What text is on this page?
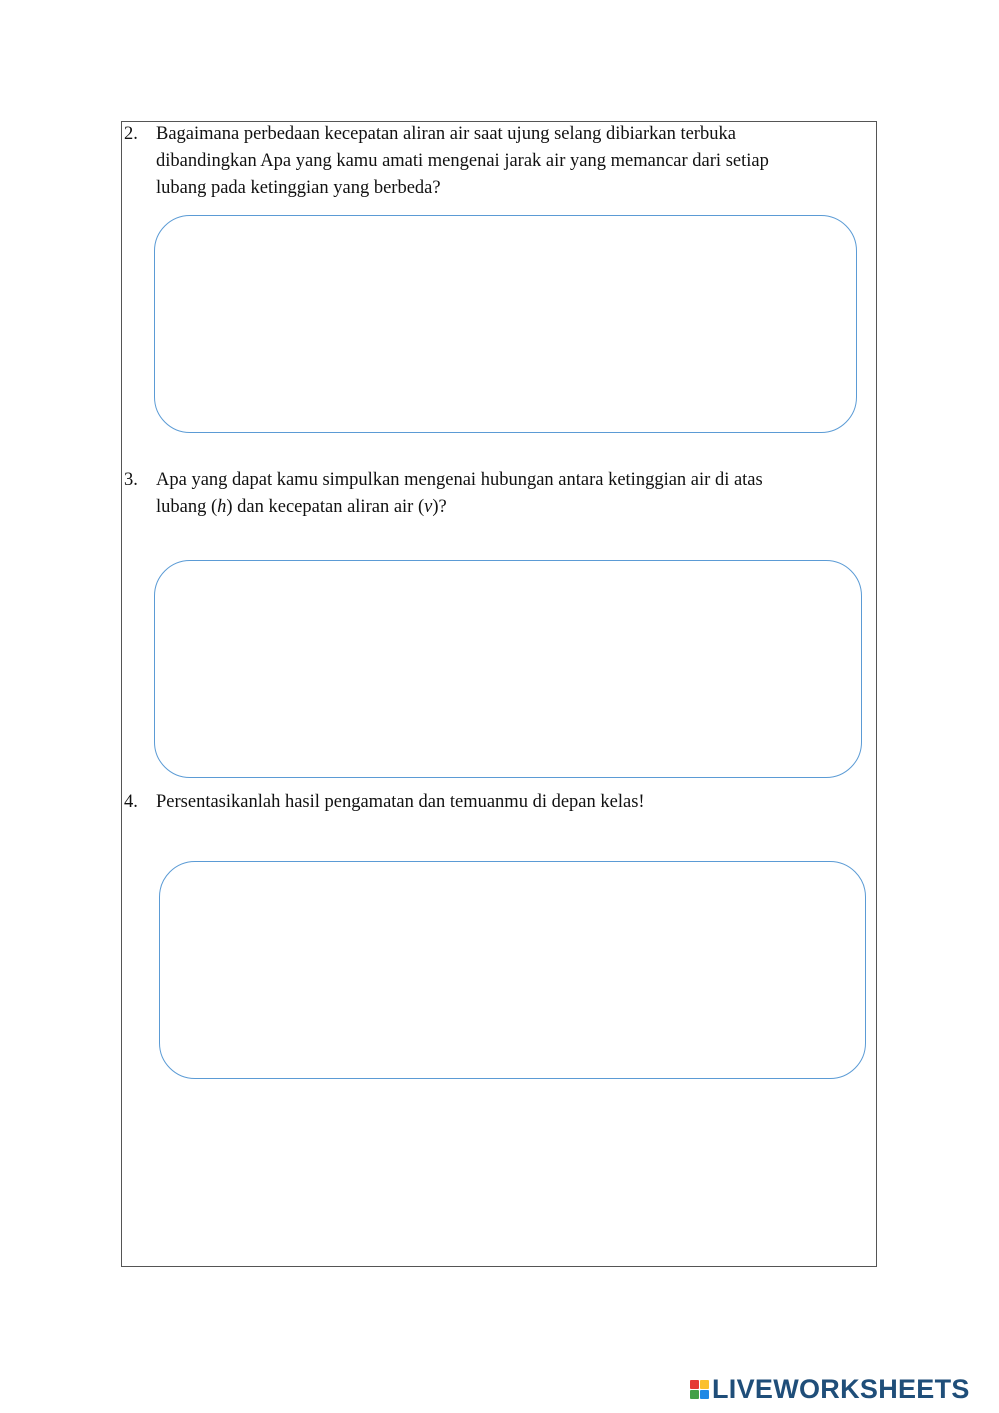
2. Bagaimana perbedaan kecepatan aliran air saat ujung selang dibiarkan terbuka
dibandingkan Apa yang kamu amati mengenai jarak air yang memancar dari setiap
lubang pada ketinggian yang berbeda?
3. Apa yang dapat kamu simpulkan mengenai hubungan antara ketinggian air di atas
lubang (h) dan kecepatan aliran air (v)?
4. Persentasikanlah hasil pengamatan dan temuanmu di depan kelas!
LIVEWORKSHEETS
